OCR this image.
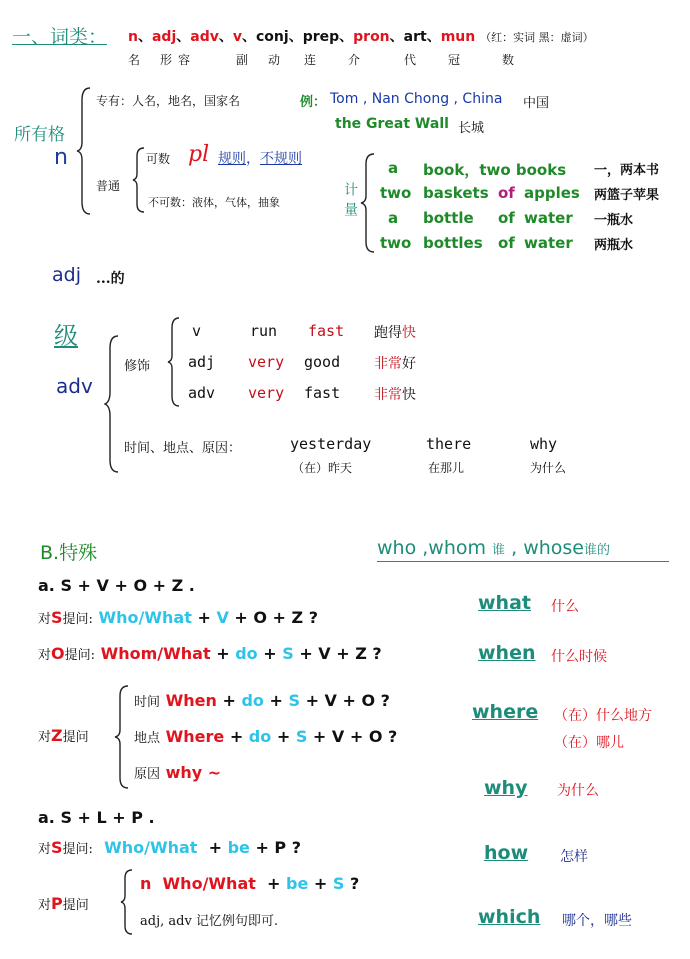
一、词类： n、adj、adv、v、conj、prep、pron、art、mun （红：实词 黑：虚词）
名 形容	副 动 连	介	代	冠	数
所有格
n
专有：人名，地名，国家名	例： Tom , Nan Chong , China 中国
the Great Wall 长城
普通
可数 pl 规则，不规则
不可数：液体，气体，抽象	计量
a book，two books 一，两本书
two baskets of apples 两篮子苹果
a bottle of water 一瓶水
two bottles of water 两瓶水
adj ...的
级
adv
修饰
v	run fast 跑得快
adj very good 非常好
adv very fast 非常快
时间、地点、原因：	yesterday	there	why
（在）昨天	在那儿	为什么
B.特殊	who ,whom 谁 , whose谁的
a. S + V + O + Z .
对S提问: Who/What + V + O + Z ?
对O提问: Whom/What + do + S + V + Z ?
对Z提问
时间 When + do + S + V + O ?
地点 Where + do + S + V + O ?
原因 why ~
a. S + L + P .
对S提问: Who/What + be + P ?
对P提问
n Who/What + be + S ?
adj, adv 记忆例句即可.
what 什么
when 什么时候
where （在）什么地方
（在）哪儿
why 为什么
how 怎样
which 哪个，哪些
